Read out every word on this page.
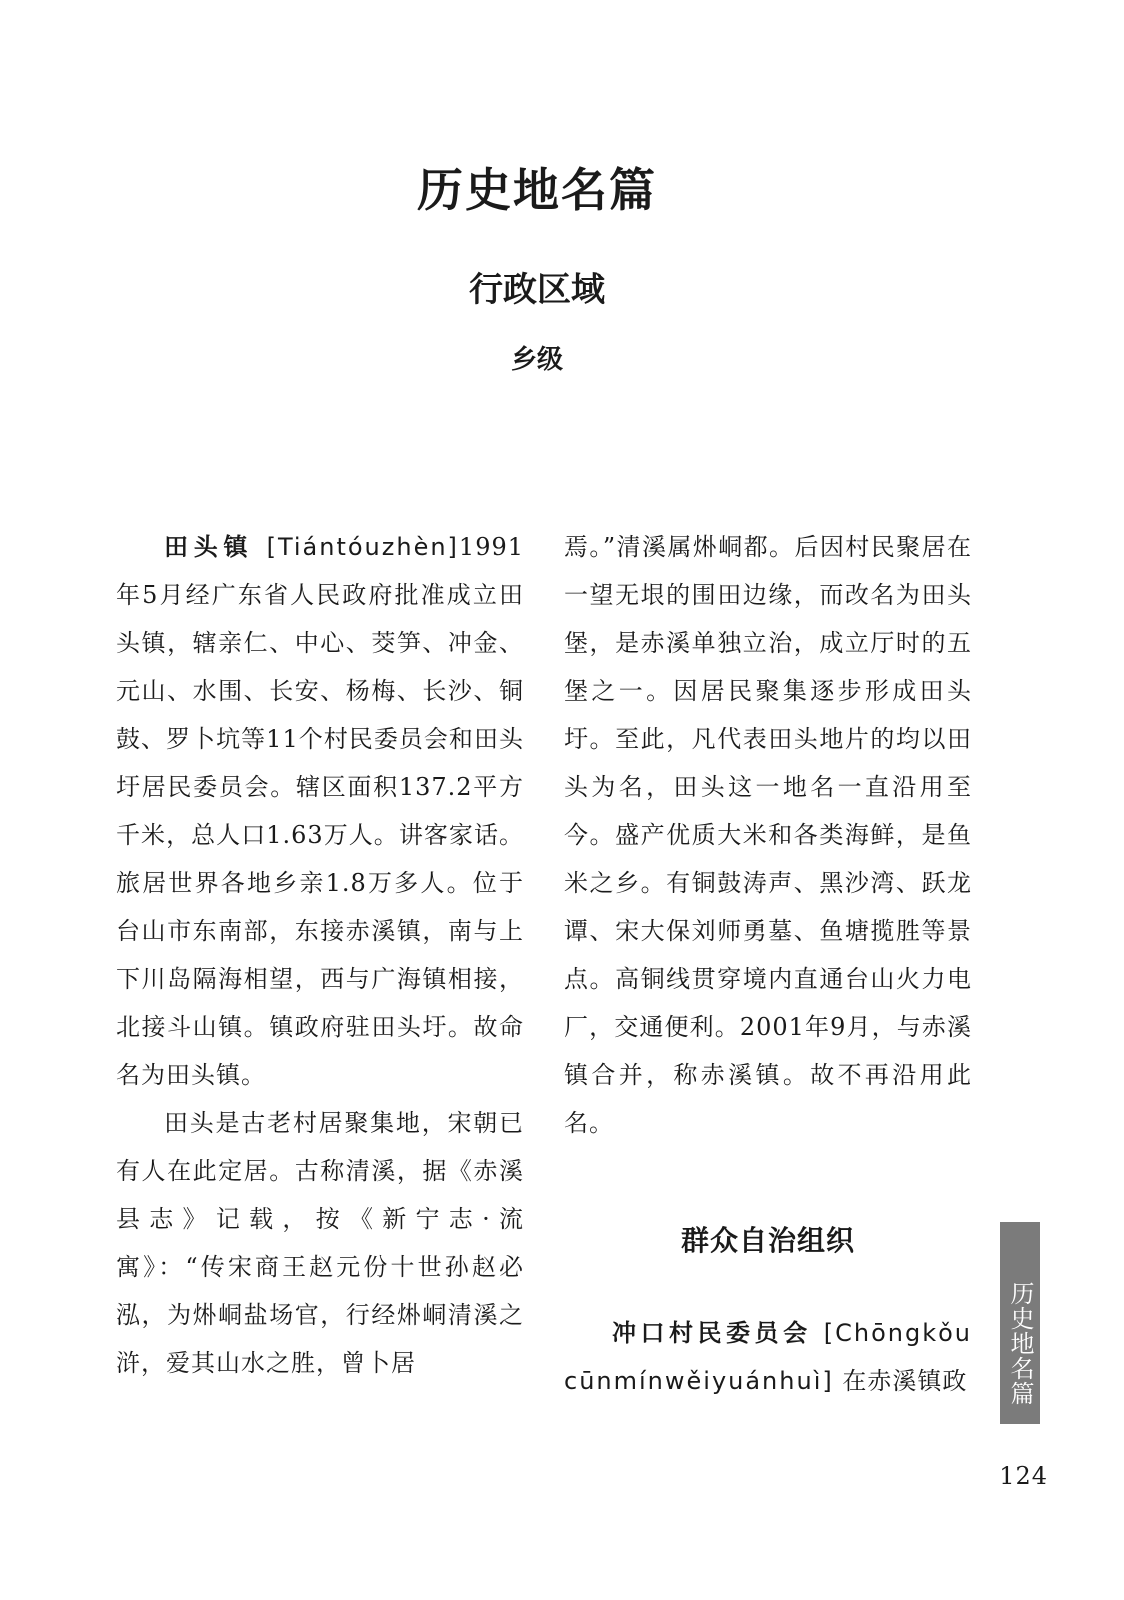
历史地名篇
行政区域
乡级

田头镇 [Tiántóuzhèn]1991年5月经广东省人民政府批准成立田头镇，辖亲仁、中心、茭笋、冲金、元山、水围、长安、杨梅、长沙、铜鼓、罗卜坑等11个村民委员会和田头圩居民委员会。辖区面积137.2平方千米，总人口1.63万人。讲客家话。旅居世界各地乡亲1.8万多人。位于台山市东南部，东接赤溪镇，南与上下川岛隔海相望，西与广海镇相接，北接斗山镇。镇政府驻田头圩。故命名为田头镇。

田头是古老村居聚集地，宋朝已有人在此定居。古称清溪，据《赤溪县志》记载，按《新宁志·流寓》：“传宋商王赵元份十世孙赵必泓，为烞峒盐场官，行经烞峒清溪之浒，爱其山水之胜，曾卜居

焉。”清溪属烞峒都。后因村民聚居在一望无垠的围田边缘，而改名为田头堡，是赤溪单独立治，成立厅时的五堡之一。因居民聚集逐步形成田头圩。至此，凡代表田头地片的均以田头为名，田头这一地名一直沿用至今。盛产优质大米和各类海鲜，是鱼米之乡。有铜鼓涛声、黑沙湾、跃龙谭、宋大保刘师勇墓、鱼塘揽胜等景点。高铜线贯穿境内直通台山火力电厂，交通便利。2001年9月，与赤溪镇合并，称赤溪镇。故不再沿用此名。

群众自治组织

冲口村民委员会 [Chōngkǒu cūnmínwěiyuánhuì] 在赤溪镇政 历史地名篇
124
